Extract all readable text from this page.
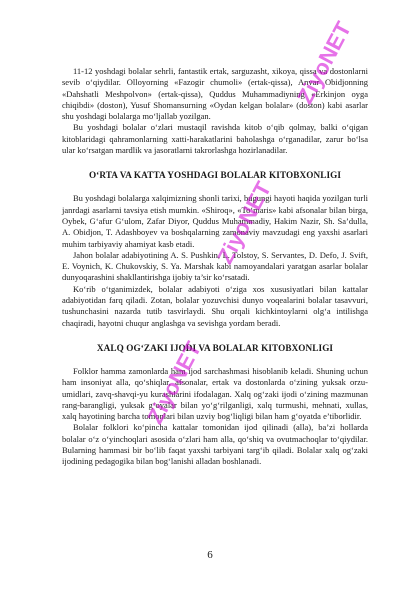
11-12 yoshdagi bolalar sehrli, fantastik ertak, sarguzasht, xikoya, qissa va dostonlarni sevib o‘qiydilar. Olloyorning «Fazogir chumoli» (ertak-qissa), Anvar Obidjonning «Dahshatli Meshpolvon» (ertak-qissa), Quddus Muhammadiyning «Erkinjon oyga chiqibdi» (doston), Yusuf Shomansurning «Oydan kelgan bolalar» (doston) kabi asarlar shu yoshdagi bolalarga mo‘ljallab yozilgan.

Bu yoshdagi bolalar o‘zlari mustaqil ravishda kitob o‘qib qolmay, balki o‘qigan kitoblaridagi qahramonlarning xatti-harakatlarini baholashga o‘rganadilar, zarur bo‘lsa ular ko‘rsatgan mardlik va jasoratlarni takrorlashga hozirlanadilar.

O‘RTA VA KATTA YOSHDAGI BOLALAR KITOBXONLIGI

Bu yoshdagi bolalarga xalqimizning shonli tarixi, bugungi hayoti haqida yozilgan turli janrdagi asarlarni tavsiya etish mumkin. «Shiroq», «To‘maris» kabi afsonalar bilan birga, Oybek, G‘afur G‘ulom, Zafar Diyor, Quddus Muhammadiy, Hakim Nazir, Sh. Sa’dulla, A. Obidjon, T. Adashboyev va boshqalarning zamonaviy mavzudagi eng yaxshi asarlari muhim tarbiyaviy ahamiyat kasb etadi.

Jahon bolalar adabiyotining A. S. Pushkin, L. Tolstoy, S. Servantes, D. Defo, J. Svift, E. Voynich, K. Chukovskiy, S. Ya. Marshak kabi namoyandalari yaratgan asarlar bolalar dunyoqarashini shakllantirishga ijobiy ta’sir ko‘rsatadi.

Ko‘rib o‘tganimizdek, bolalar adabiyoti o‘ziga xos xususiyatlari bilan kattalar adabiyotidan farq qiladi. Zotan, bolalar yozuvchisi dunyo voqealarini bolalar tasavvuri, tushunchasini nazarda tutib tasvirlaydi. Shu orqali kichkintoylarni olg‘a intilishga chaqiradi, hayotni chuqur anglashga va sevishga yordam beradi.

XALQ OG‘ZAKI IJODI VA BOLALAR KITOBXONLIGI

Folklor hamma zamonlarda ham ijod sarchashmasi hisoblanib keladi. Shuning uchun ham insoniyat alla, qo‘shiqlar, afsonalar, ertak va dostonlarda o‘zining yuksak orzu-umidlari, zavq-shavqi-yu kurashlarini ifodalagan. Xalq og‘zaki ijodi o‘zining mazmunan rang-barangligi, yuksak g‘oyalar bilan yo‘g‘rilganligi, xalq turmushi, mehnati, xullas, xalq hayotining barcha tomonlari bilan uzviy bog‘liqligi bilan ham g‘oyatda e’tiborlidir.

Bolalar folklori ko‘pincha kattalar tomonidan ijod qilinadi (alla), ba’zi hollarda bolalar o‘z o‘yinchoqlari asosida o‘zlari ham alla, qo‘shiq va ovutmachoqlar to‘qiydilar. Bularning hammasi bir bo‘lib faqat yaxshi tarbiyani targ‘ib qiladi. Bolalar xalq og‘zaki ijodining pedagogika bilan bog‘lanishi alladan boshlanadi.

6
ZiyoNET
ZiyoNET
ZiyoNET
